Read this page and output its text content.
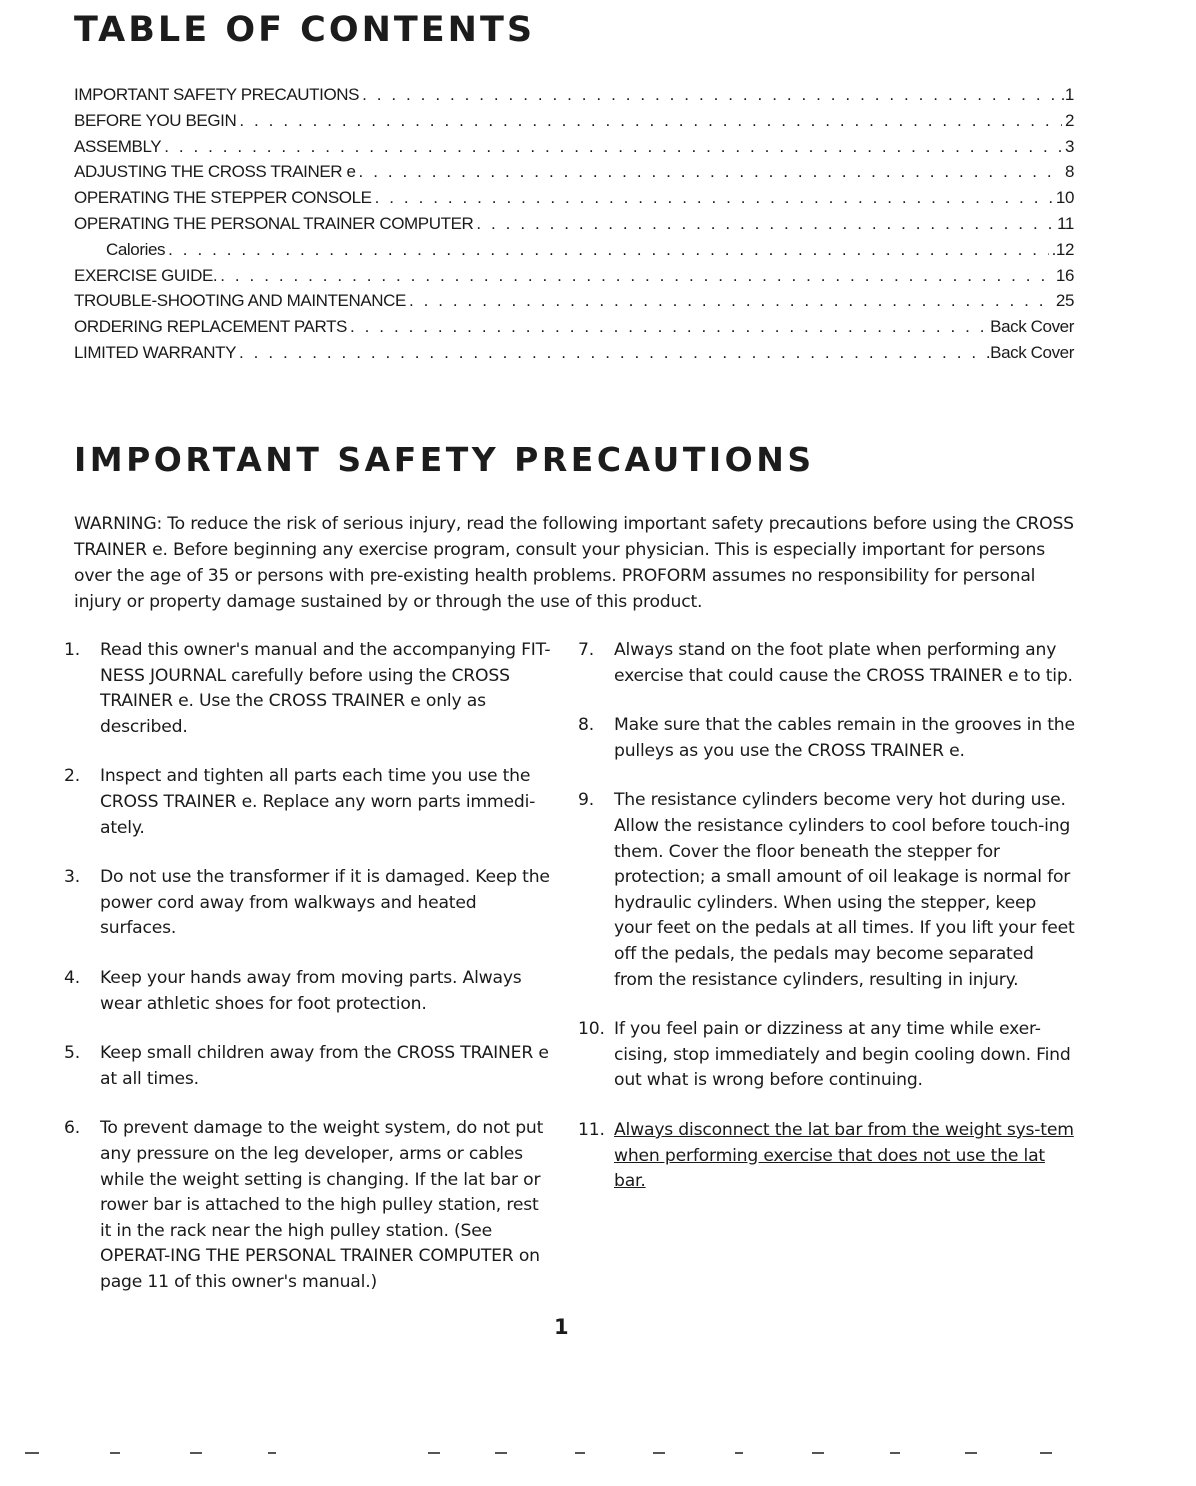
TABLE OF CONTENTS
IMPORTANT SAFETY PRECAUTIONS . . .	.1
BEFORE YOU BEGIN . . .	2
ASSEMBLY . . .	3
ADJUSTING THE CROSS TRAINER e . . .	8
OPERATING THE STEPPER CONSOLE . . .	10
OPERATING THE PERSONAL TRAINER COMPUTER . . .	11
Calories . . .	.12
EXERCISE GUIDE. . . .	16
TROUBLE-SHOOTING AND MAINTENANCE . . .	25
ORDERING REPLACEMENT PARTS . . .	Back Cover
LIMITED WARRANTY . . .	.Back Cover
IMPORTANT SAFETY PRECAUTIONS

WARNING: To reduce the risk of serious injury, read the following important safety precautions before using the CROSS TRAINER e. Before beginning any exercise program, consult your physician. This is especially important for persons over the age of 35 or persons with pre-existing health problems. PROFORM assumes no responsibility for personal injury or property damage sustained by or through the use of this product.

1.	Read this owner's manual and the accompanying FIT-NESS JOURNAL carefully before using the CROSS TRAINER e. Use the CROSS TRAINER e only as described.

2.	Inspect and tighten all parts each time you use the CROSS TRAINER e. Replace any worn parts immedi-ately.

3.	Do not use the transformer if it is damaged. Keep the power cord away from walkways and heated surfaces.

4.	Keep your hands away from moving parts. Always wear athletic shoes for foot protection.

5.	Keep small children away from the CROSS TRAINER e at all times.

6.	To prevent damage to the weight system, do not put any pressure on the leg developer, arms or cables while the weight setting is changing. If the lat bar or rower bar is attached to the high pulley station, rest it in the rack near the high pulley station. (See OPERAT-ING THE PERSONAL TRAINER COMPUTER on page 11 of this owner's manual.)

7.	Always stand on the foot plate when performing any exercise that could cause the CROSS TRAINER e to tip.

8.	Make sure that the cables remain in the grooves in the pulleys as you use the CROSS TRAINER e.

9.	The resistance cylinders become very hot during use. Allow the resistance cylinders to cool before touch-ing them. Cover the floor beneath the stepper for protection; a small amount of oil leakage is normal for hydraulic cylinders. When using the stepper, keep your feet on the pedals at all times. If you lift your feet off the pedals, the pedals may become separated from the resistance cylinders, resulting in injury.

10. If you feel pain or dizziness at any time while exer-cising, stop immediately and begin cooling down. Find out what is wrong before continuing.

11. Always disconnect the lat bar from the weight sys-tem when performing exercise that does not use the lat bar.

1
